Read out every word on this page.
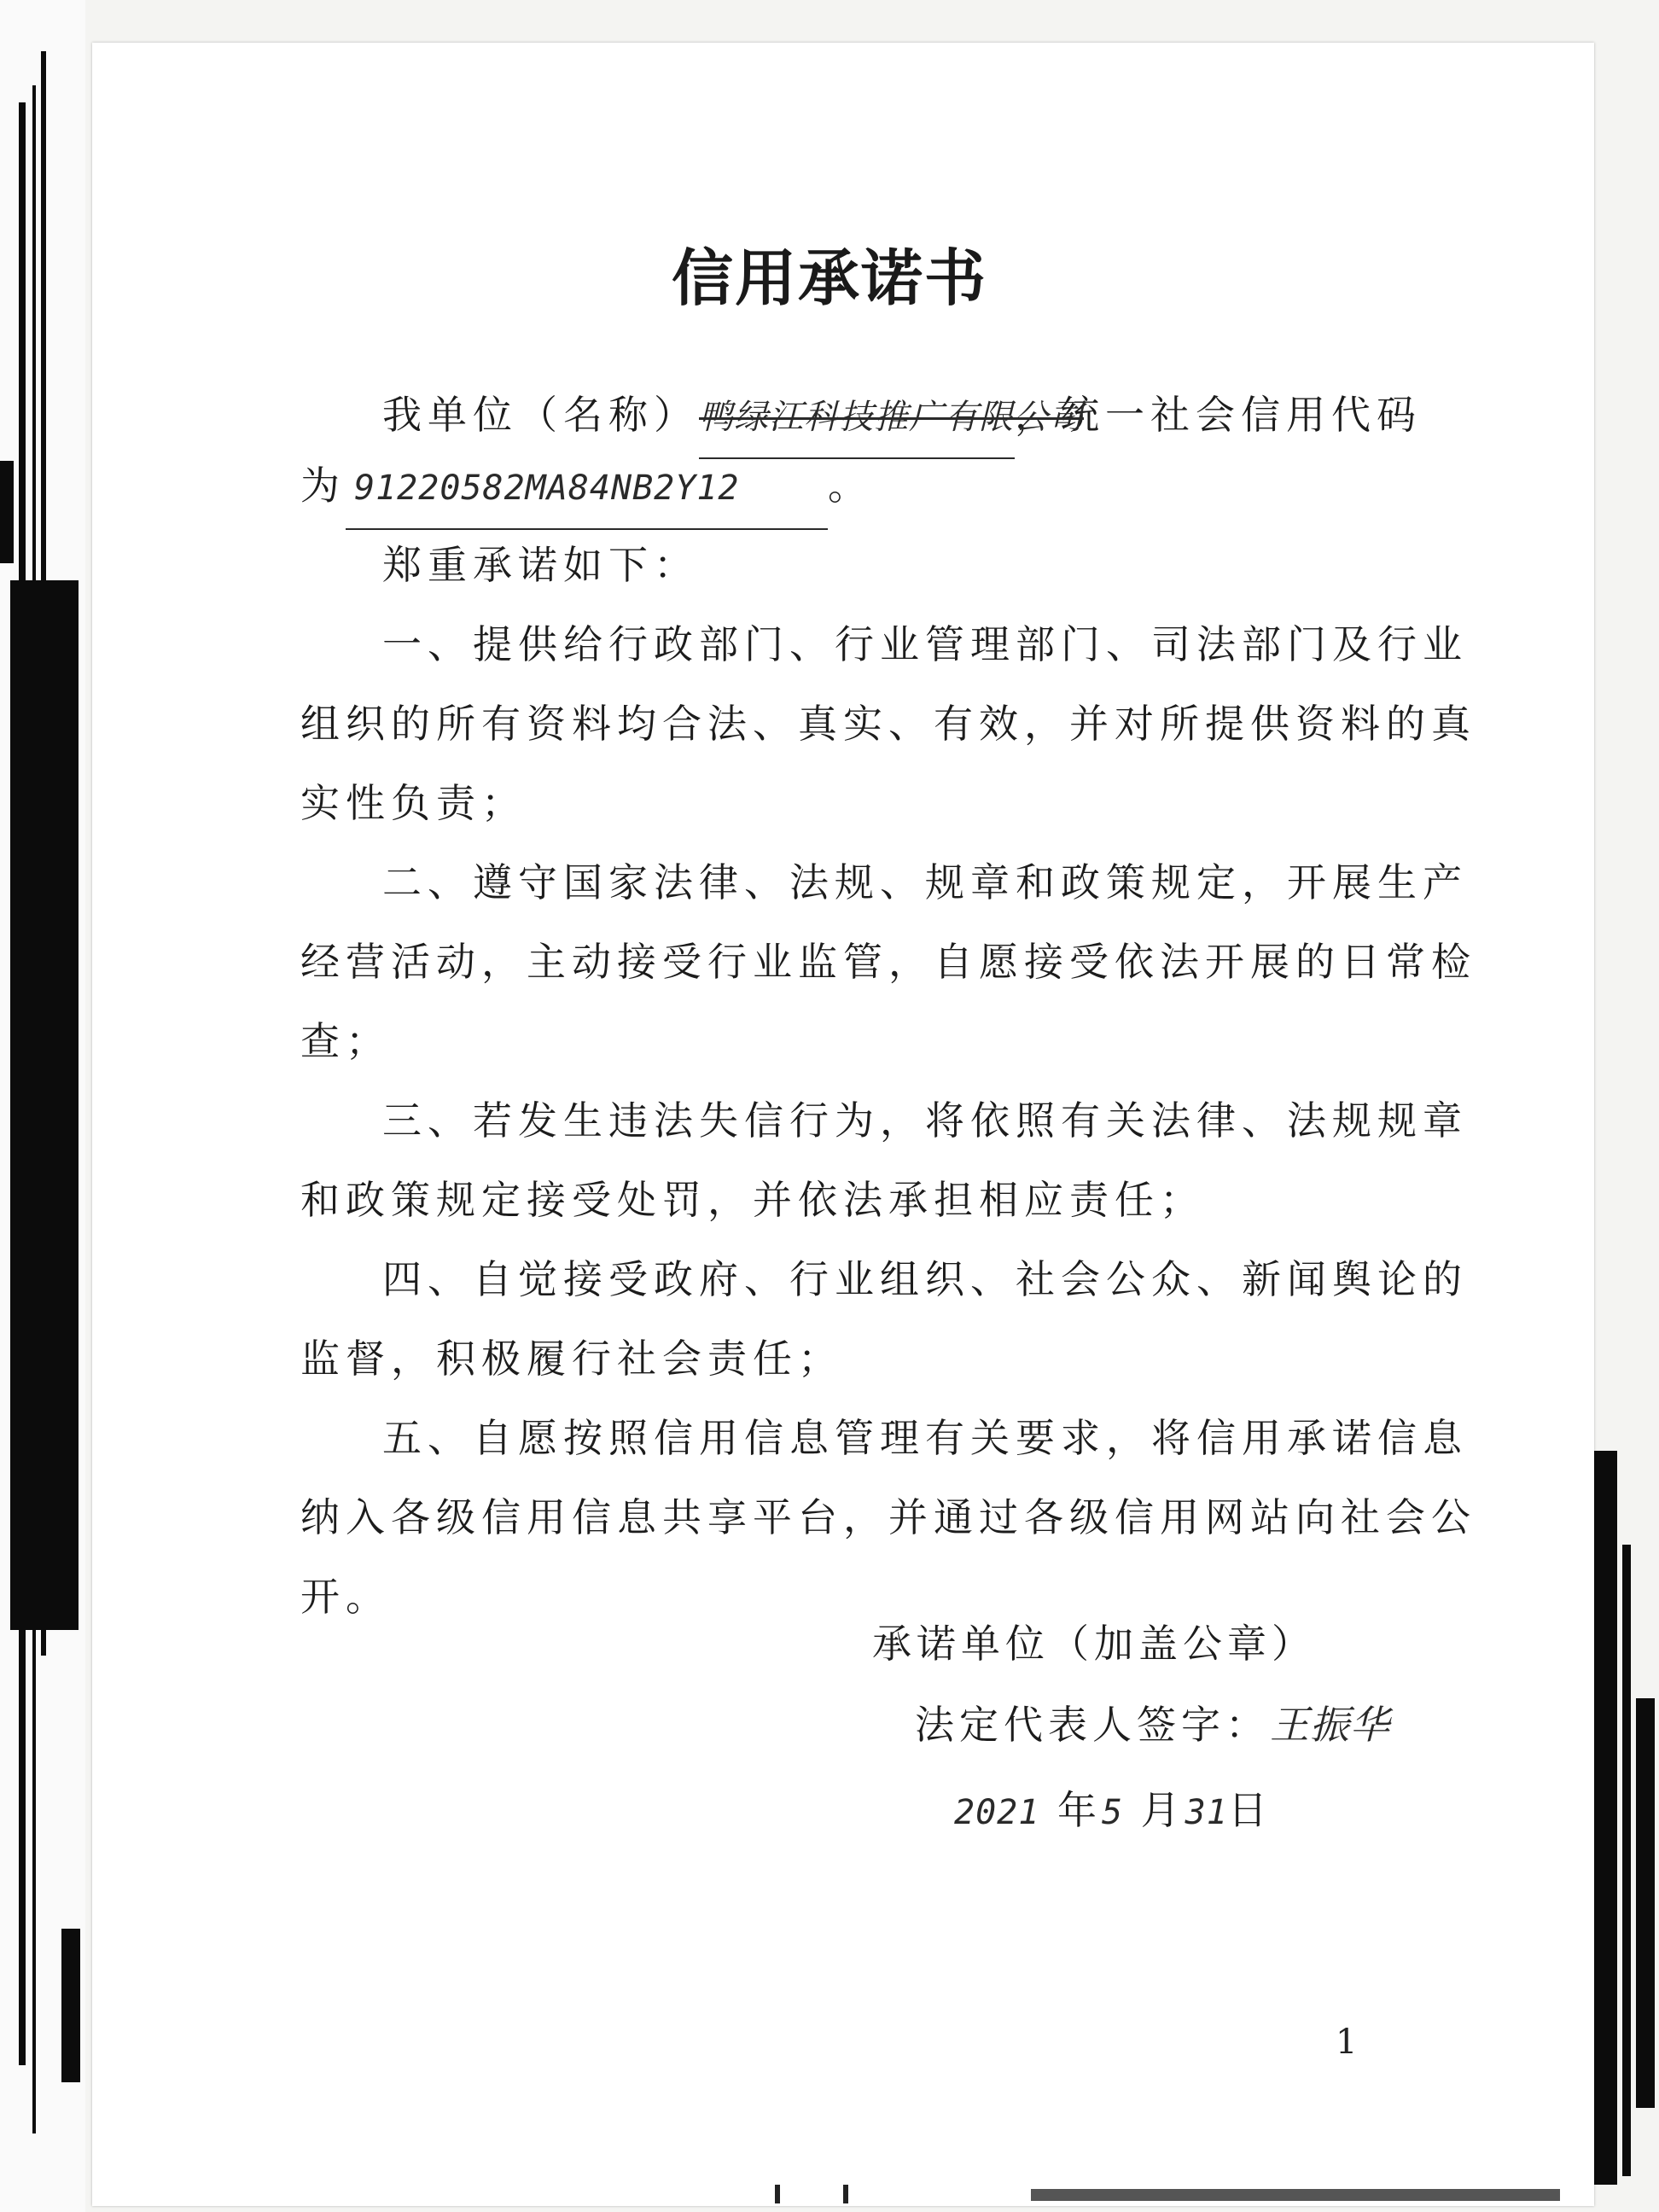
信用承诺书
我单位（名称）鸭绿江科技推广有限公司，统一社会信用代码
为 91220582MA84NB2Y12 。
郑重承诺如下：
一、提供给行政部门、行业管理部门、司法部门及行业
组织的所有资料均合法、真实、有效，并对所提供资料的真
实性负责；
二、遵守国家法律、法规、规章和政策规定，开展生产
经营活动，主动接受行业监管，自愿接受依法开展的日常检
查；
三、若发生违法失信行为，将依照有关法律、法规规章
和政策规定接受处罚，并依法承担相应责任；
四、自觉接受政府、行业组织、社会公众、新闻舆论的
监督，积极履行社会责任；
五、自愿按照信用信息管理有关要求，将信用承诺信息
纳入各级信用信息共享平台，并通过各级信用网站向社会公
开。
承诺单位（加盖公章）
法定代表人签字：王振华
2021 年5 月31日
1
